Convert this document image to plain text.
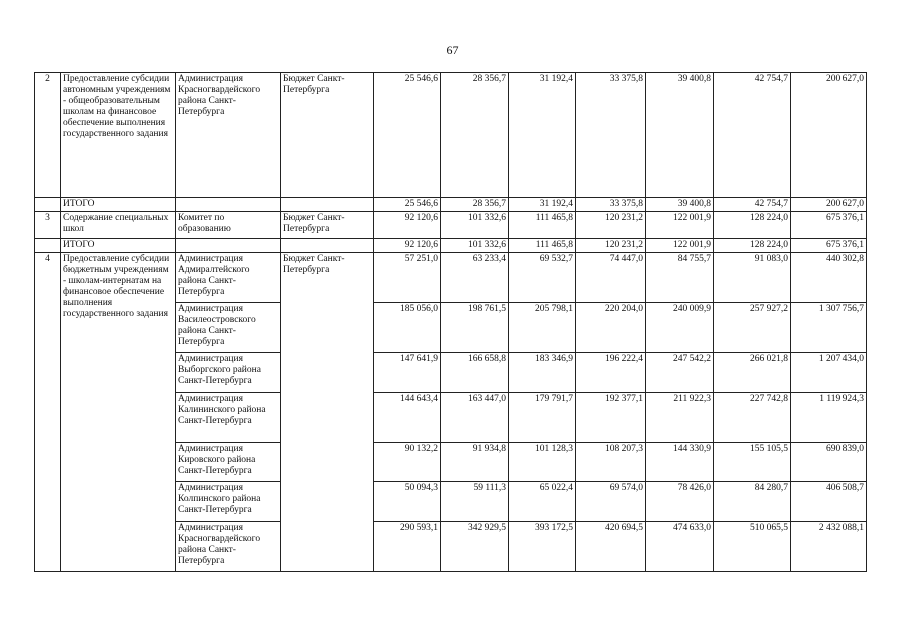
67
2	Предоставление субсидии автономным учреждениям - общеобразовательным школам на финансовое обеспечение выполнения государственного задания	Администрация Красногвардейского района Санкт-Петербурга	Бюджет Санкт-Петербурга	25 546,6	28 356,7	31 192,4	33 375,8	39 400,8	42 754,7	200 627,0
	ИТОГО			25 546,6	28 356,7	31 192,4	33 375,8	39 400,8	42 754,7	200 627,0
3	Содержание специальных школ	Комитет по образованию	Бюджет Санкт-Петербурга	92 120,6	101 332,6	111 465,8	120 231,2	122 001,9	128 224,0	675 376,1
	ИТОГО			92 120,6	101 332,6	111 465,8	120 231,2	122 001,9	128 224,0	675 376,1
4	Предоставление субсидии бюджетным учреждениям - школам-интернатам на финансовое обеспечение выполнения государственного задания	Администрация Адмиралтейского района Санкт-Петербурга	Бюджет Санкт-Петербурга	57 251,0	63 233,4	69 532,7	74 447,0	84 755,7	91 083,0	440 302,8
		Администрация Василеостровского района Санкт-Петербурга		185 056,0	198 761,5	205 798,1	220 204,0	240 009,9	257 927,2	1 307 756,7
		Администрация Выборгского района Санкт-Петербурга		147 641,9	166 658,8	183 346,9	196 222,4	247 542,2	266 021,8	1 207 434,0
		Администрация Калининского района Санкт-Петербурга		144 643,4	163 447,0	179 791,7	192 377,1	211 922,3	227 742,8	1 119 924,3
		Администрация Кировского района Санкт-Петербурга		90 132,2	91 934,8	101 128,3	108 207,3	144 330,9	155 105,5	690 839,0
		Администрация Колпинского района Санкт-Петербурга		50 094,3	59 111,3	65 022,4	69 574,0	78 426,0	84 280,7	406 508,7
		Администрация Красногвардейского района Санкт-Петербурга		290 593,1	342 929,5	393 172,5	420 694,5	474 633,0	510 065,5	2 432 088,1
